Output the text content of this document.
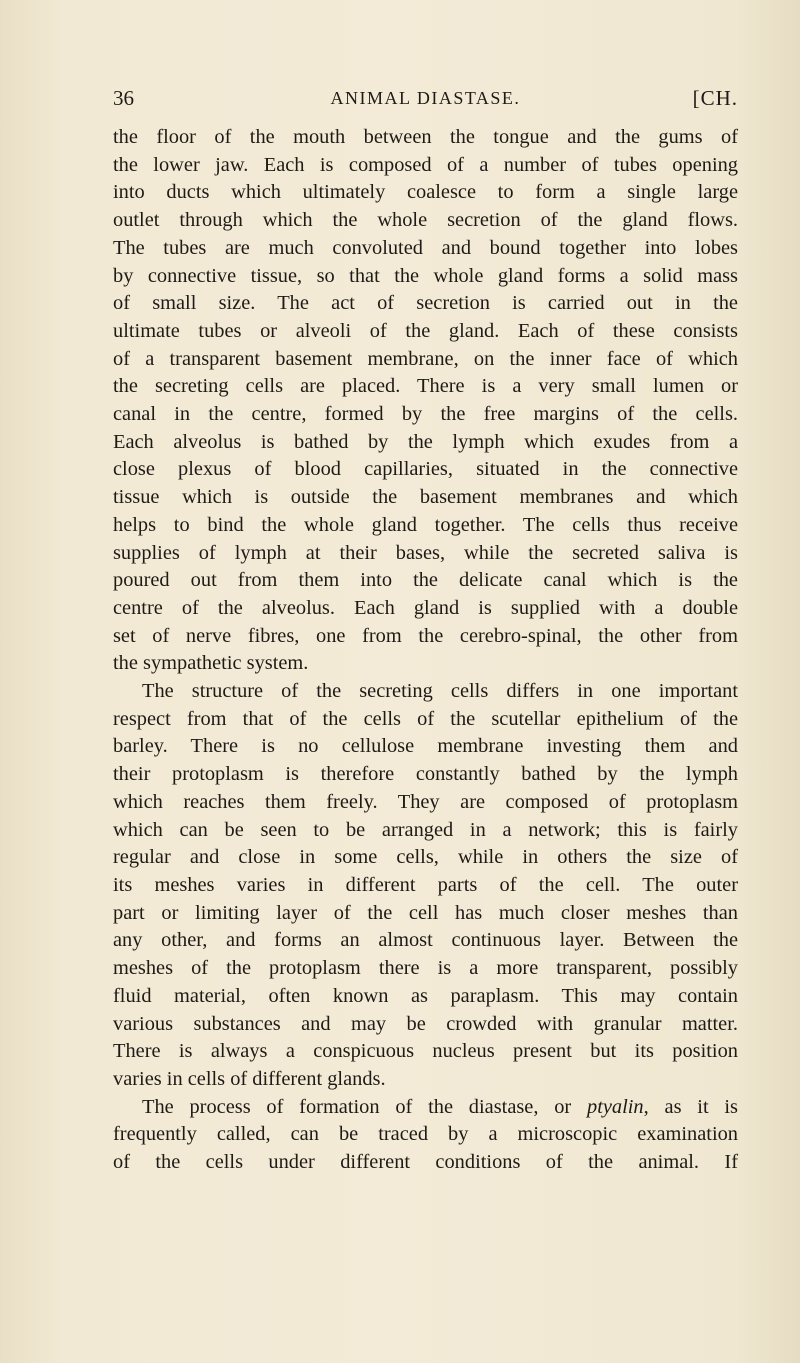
36	ANIMAL DIASTASE.	[CH.
the floor of the mouth between the tongue and the gums of
the lower jaw. Each is composed of a number of tubes opening
into ducts which ultimately coalesce to form a single large
outlet through which the whole secretion of the gland flows.
The tubes are much convoluted and bound together into lobes
by connective tissue, so that the whole gland forms a solid mass
of small size. The act of secretion is carried out in the
ultimate tubes or alveoli of the gland. Each of these consists
of a transparent basement membrane, on the inner face of which
the secreting cells are placed. There is a very small lumen or
canal in the centre, formed by the free margins of the cells.
Each alveolus is bathed by the lymph which exudes from a
close plexus of blood capillaries, situated in the connective
tissue which is outside the basement membranes and which
helps to bind the whole gland together. The cells thus receive
supplies of lymph at their bases, while the secreted saliva is
poured out from them into the delicate canal which is the
centre of the alveolus. Each gland is supplied with a double
set of nerve fibres, one from the cerebro-spinal, the other from
the sympathetic system.
The structure of the secreting cells differs in one important
respect from that of the cells of the scutellar epithelium of the
barley. There is no cellulose membrane investing them and
their protoplasm is therefore constantly bathed by the lymph
which reaches them freely. They are composed of protoplasm
which can be seen to be arranged in a network; this is fairly
regular and close in some cells, while in others the size of
its meshes varies in different parts of the cell. The outer
part or limiting layer of the cell has much closer meshes than
any other, and forms an almost continuous layer. Between the
meshes of the protoplasm there is a more transparent, possibly
fluid material, often known as paraplasm. This may contain
various substances and may be crowded with granular matter.
There is always a conspicuous nucleus present but its position
varies in cells of different glands.
The process of formation of the diastase, or ptyalin, as it is
frequently called, can be traced by a microscopic examination
of the cells under different conditions of the animal. If
